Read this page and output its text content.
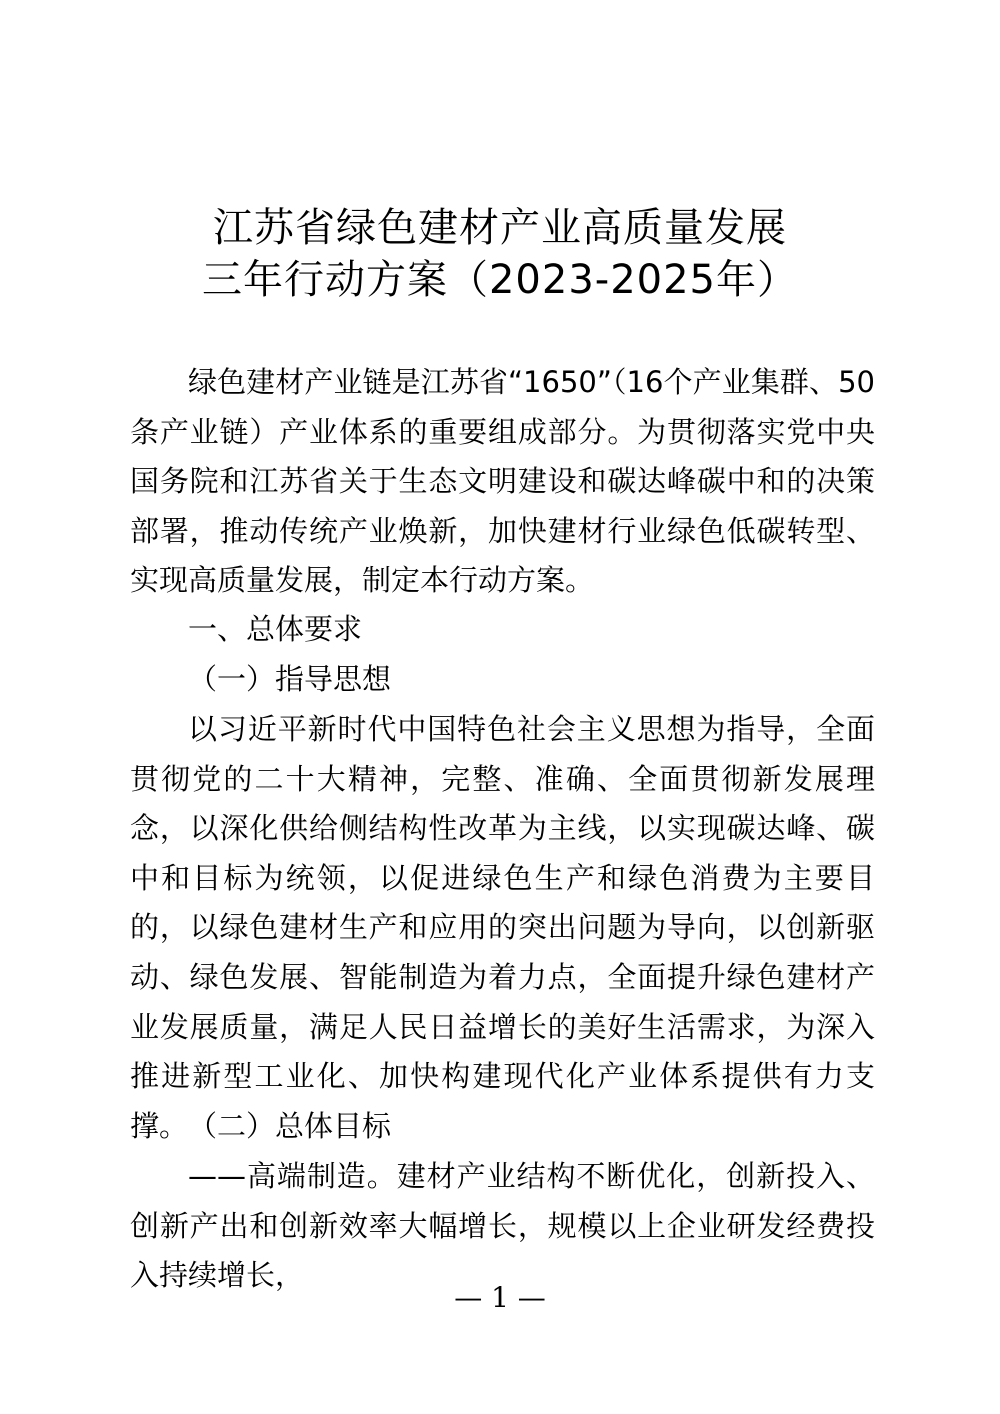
江苏省绿色建材产业高质量发展
三年行动方案（2023-2025年）

绿色建材产业链是江苏省“1650”（16个产业集群、50条产业链）产业体系的重要组成部分。为贯彻落实党中央国务院和江苏省关于生态文明建设和碳达峰碳中和的决策部署，推动传统产业焕新，加快建材行业绿色低碳转型、实现高质量发展，制定本行动方案。

一、总体要求

（一）指导思想

以习近平新时代中国特色社会主义思想为指导，全面贯彻党的二十大精神，完整、准确、全面贯彻新发展理念，以深化供给侧结构性改革为主线，以实现碳达峰、碳中和目标为统领，以促进绿色生产和绿色消费为主要目的，以绿色建材生产和应用的突出问题为导向，以创新驱动、绿色发展、智能制造为着力点，全面提升绿色建材产业发展质量，满足人民日益增长的美好生活需求，为深入推进新型工业化、加快构建现代化产业体系提供有力支撑。 （二）总体目标

——高端制造。建材产业结构不断优化，创新投入、创新产出和创新效率大幅增长，规模以上企业研发经费投入持续增长，

— 1 —
